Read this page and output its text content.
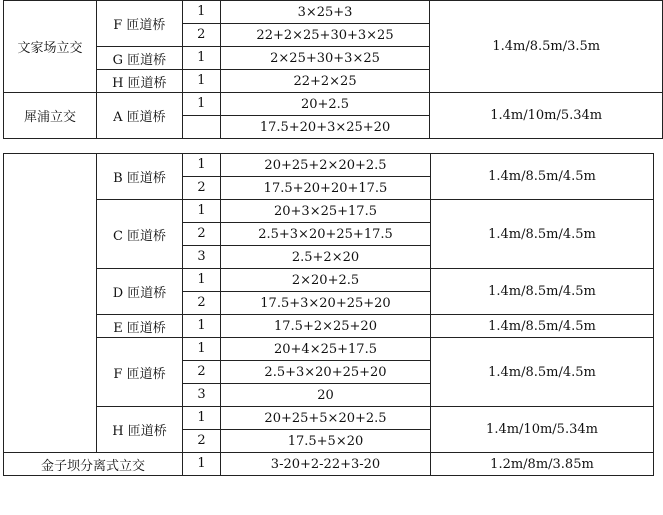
文家场立交	F 匝道桥	1	3×25+3	1.4m/8.5m/3.5m
		2	22+2×25+30+3×25	
	G 匝道桥	1	2×25+30+3×25	
	H 匝道桥	1	22+2×25	
犀浦立交	A 匝道桥	1	20+2.5	1.4m/10m/5.34m
			17.5+20+3×25+20	
	B 匝道桥	1	20+25+2×20+2.5	1.4m/8.5m/4.5m
		2	17.5+20+20+17.5	
	C 匝道桥	1	20+3×25+17.5	1.4m/8.5m/4.5m
		2	2.5+3×20+25+17.5	
		3	2.5+2×20	
	D 匝道桥	1	2×20+2.5	1.4m/8.5m/4.5m
		2	17.5+3×20+25+20	
	E 匝道桥	1	17.5+2×25+20	1.4m/8.5m/4.5m
	F 匝道桥	1	20+4×25+17.5	1.4m/8.5m/4.5m
		2	2.5+3×20+25+20	
		3	20	
	H 匝道桥	1	20+25+5×20+2.5	1.4m/10m/5.34m
		2	17.5+5×20	
金子坝分离式立交		1	3-20+2-22+3-20	1.2m/8m/3.85m
